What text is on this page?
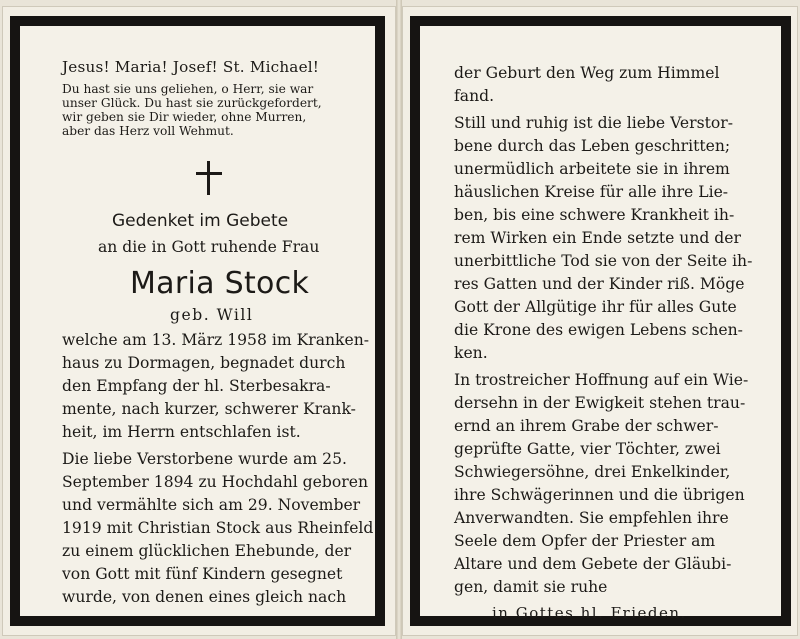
Jesus! Maria! Josef! St. Michael!
Du hast sie uns geliehen, o Herr, sie war
unser Glück. Du hast sie zurückgefordert,
wir geben sie Dir wieder, ohne Murren,
aber das Herz voll Wehmut.
Gedenket im Gebete
an die in Gott ruhende Frau
Maria Stock
geb. Will
welche am 13. März 1958 im Kranken-
haus zu Dormagen, begnadet durch
den Empfang der hl. Sterbesakra-
mente, nach kurzer, schwerer Krank-
heit, im Herrn entschlafen ist.
Die liebe Verstorbene wurde am 25.
September 1894 zu Hochdahl geboren
und vermählte sich am 29. November
1919 mit Christian Stock aus Rheinfeld
zu einem glücklichen Ehebunde, der
von Gott mit fünf Kindern gesegnet
wurde, von denen eines gleich nach
der Geburt den Weg zum Himmel
fand.
Still und ruhig ist die liebe Verstor-
bene durch das Leben geschritten;
unermüdlich arbeitete sie in ihrem
häuslichen Kreise für alle ihre Lie-
ben, bis eine schwere Krankheit ih-
rem Wirken ein Ende setzte und der
unerbittliche Tod sie von der Seite ih-
res Gatten und der Kinder riß. Möge
Gott der Allgütige ihr für alles Gute
die Krone des ewigen Lebens schen-
ken.
In trostreicher Hoffnung auf ein Wie-
dersehn in der Ewigkeit stehen trau-
ernd an ihrem Grabe der schwer-
geprüfte Gatte, vier Töchter, zwei
Schwiegersöhne, drei Enkelkinder,
ihre Schwägerinnen und die übrigen
Anverwandten. Sie empfehlen ihre
Seele dem Opfer der Priester am
Altare und dem Gebete der Gläubi-
gen, damit sie ruhe
in Gottes hl. Frieden.
